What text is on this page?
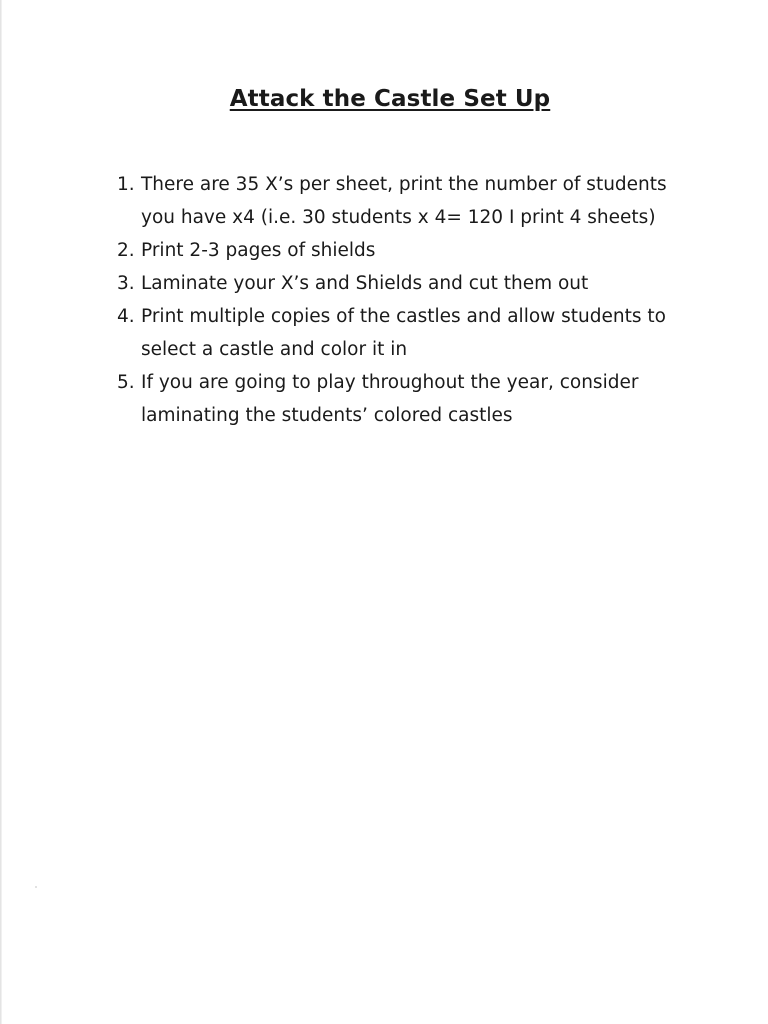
Attack the Castle Set Up
1. There are 35 X’s per sheet, print the number of students
you have x4 (i.e. 30 students x 4= 120 I print 4 sheets)
2. Print 2-3 pages of shields
3. Laminate your X’s and Shields and cut them out
4. Print multiple copies of the castles and allow students to
select a castle and color it in
5. If you are going to play throughout the year, consider
laminating the students’ colored castles
